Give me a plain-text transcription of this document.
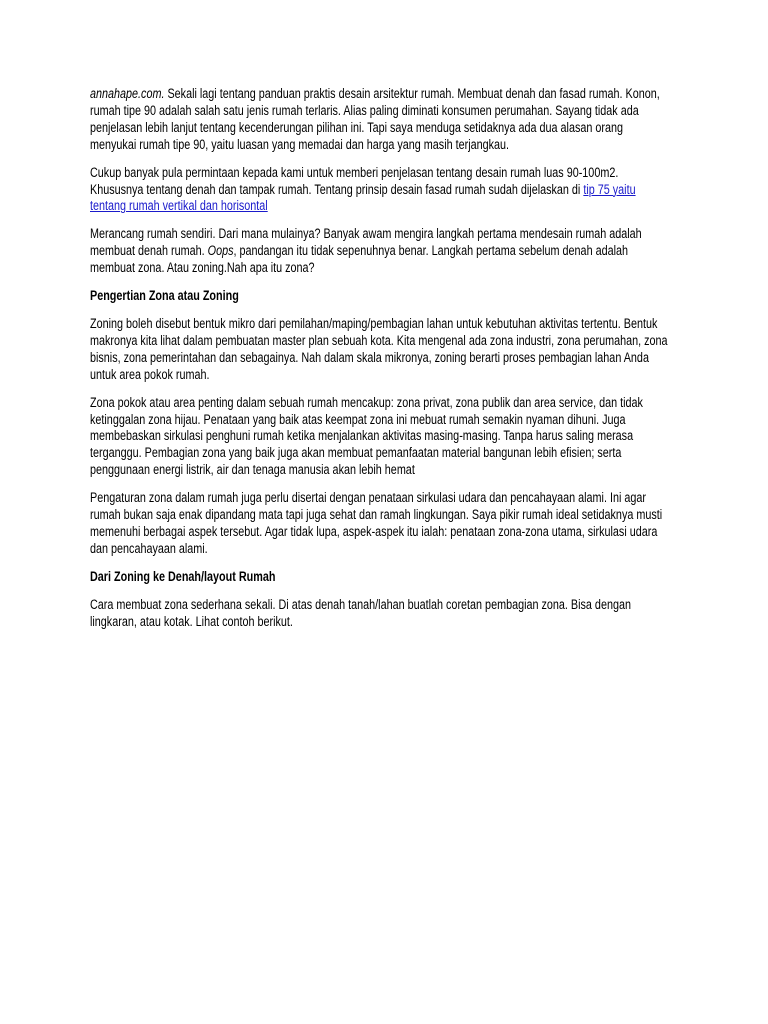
annahape.com. Sekali lagi tentang panduan praktis desain arsitektur rumah. Membuat denah dan fasad rumah. Konon, rumah tipe 90 adalah salah satu jenis rumah terlaris. Alias paling diminati konsumen perumahan. Sayang tidak ada penjelasan lebih lanjut tentang kecenderungan pilihan ini. Tapi saya menduga setidaknya ada dua alasan orang menyukai rumah tipe 90, yaitu luasan yang memadai dan harga yang masih terjangkau.

Cukup banyak pula permintaan kepada kami untuk memberi penjelasan tentang desain rumah luas 90-100m2. Khususnya tentang denah dan tampak rumah. Tentang prinsip desain fasad rumah sudah dijelaskan di tip 75 yaitu tentang rumah vertikal dan horisontal

Merancang rumah sendiri. Dari mana mulainya? Banyak awam mengira langkah pertama mendesain rumah adalah membuat denah rumah. Oops, pandangan itu tidak sepenuhnya benar. Langkah pertama sebelum denah adalah membuat zona. Atau zoning.Nah apa itu zona?

Pengertian Zona atau Zoning

Zoning boleh disebut bentuk mikro dari pemilahan/maping/pembagian lahan untuk kebutuhan aktivitas tertentu. Bentuk makronya kita lihat dalam pembuatan master plan sebuah kota. Kita mengenal ada zona industri, zona perumahan, zona bisnis, zona pemerintahan dan sebagainya. Nah dalam skala mikronya, zoning berarti proses pembagian lahan Anda untuk area pokok rumah.

Zona pokok atau area penting dalam sebuah rumah mencakup: zona privat, zona publik dan area service, dan tidak ketinggalan zona hijau. Penataan yang baik atas keempat zona ini mebuat rumah semakin nyaman dihuni. Juga membebaskan sirkulasi penghuni rumah ketika menjalankan aktivitas masing-masing. Tanpa harus saling merasa terganggu. Pembagian zona yang baik juga akan membuat pemanfaatan material bangunan lebih efisien; serta penggunaan energi listrik, air dan tenaga manusia akan lebih hemat

Pengaturan zona dalam rumah juga perlu disertai dengan penataan sirkulasi udara dan pencahayaan alami. Ini agar rumah bukan saja enak dipandang mata tapi juga sehat dan ramah lingkungan. Saya pikir rumah ideal setidaknya musti memenuhi berbagai aspek tersebut. Agar tidak lupa, aspek-aspek itu ialah: penataan zona-zona utama, sirkulasi udara dan pencahayaan alami.

Dari Zoning ke Denah/layout Rumah

Cara membuat zona sederhana sekali. Di atas denah tanah/lahan buatlah coretan pembagian zona. Bisa dengan lingkaran, atau kotak. Lihat contoh berikut.
